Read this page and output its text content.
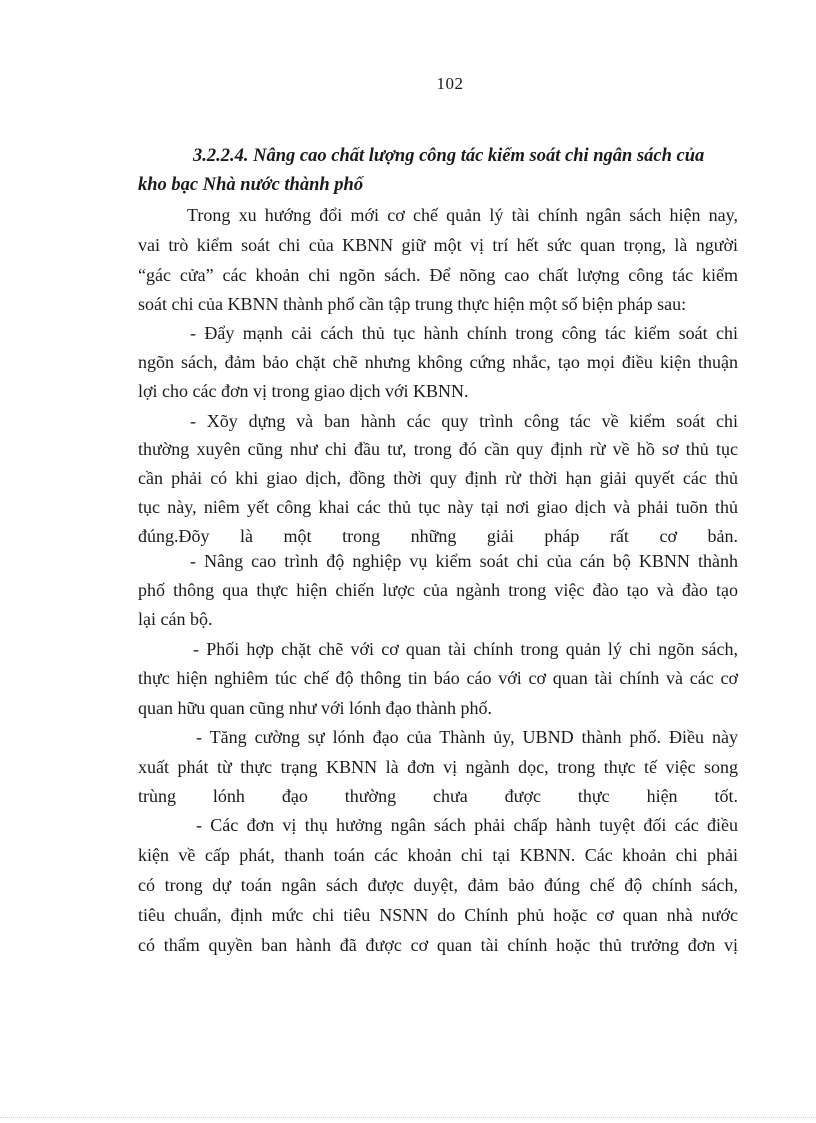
102
3.2.2.4. Nâng cao chất lượng công tác kiểm soát chi ngân sách của
kho bạc Nhà nước thành phố
Trong xu hướng đổi mới cơ chế quản lý tài chính ngân sách hiện nay,
vai trò kiểm soát chi của KBNN giữ một vị trí hết sức quan trọng, là người
“gác cửa” các khoản chi ngõn sách. Để nõng cao chất lượng công tác kiểm
soát chi của KBNN thành phố cần tập trung thực hiện một số biện pháp sau:
- Đẩy mạnh cải cách thủ tục hành chính trong công tác kiểm soát chi
ngõn sách, đảm bảo chặt chẽ nhưng không cứng nhắc, tạo mọi điều kiện thuận
lợi cho các đơn vị trong giao dịch với KBNN.
- Xõy dựng và ban hành các quy trình công tác về kiểm soát chi
thường xuyên cũng như chi đầu tư, trong đó cần quy định rừ về hồ sơ thủ tục
cần phải có khi giao dịch, đồng thời quy định rừ thời hạn giải quyết các thủ
tục này, niêm yết công khai các thủ tục này tại nơi giao dịch và phải tuõn thủ
đúng.Đõy là một trong những giải pháp rất cơ bản.
- Nâng cao trình độ nghiệp vụ kiểm soát chi của cán bộ KBNN thành
phố thông qua thực hiện chiến lược của ngành trong việc đào tạo và đào tạo
lại cán bộ.
- Phối hợp chặt chẽ với cơ quan tài chính trong quản lý chi ngõn sách,
thực hiện nghiêm túc chế độ thông tin báo cáo với cơ quan tài chính và các cơ
quan hữu quan cũng như với lónh đạo thành phố.
- Tăng cường sự lónh đạo của Thành ủy, UBND thành phố. Điều này
xuất phát từ thực trạng KBNN là đơn vị ngành dọc, trong thực tế việc song
trùng lónh đạo thường chưa được thực hiện tốt.
- Các đơn vị thụ hưởng ngân sách phải chấp hành tuyệt đối các điều
kiện về cấp phát, thanh toán các khoản chi tại KBNN. Các khoản chi phải
có trong dự toán ngân sách được duyệt, đảm bảo đúng chế độ chính sách,
tiêu chuẩn, định mức chi tiêu NSNN do Chính phủ hoặc cơ quan nhà nước
có thẩm quyền ban hành đã được cơ quan tài chính hoặc thủ trưởng đơn vị
